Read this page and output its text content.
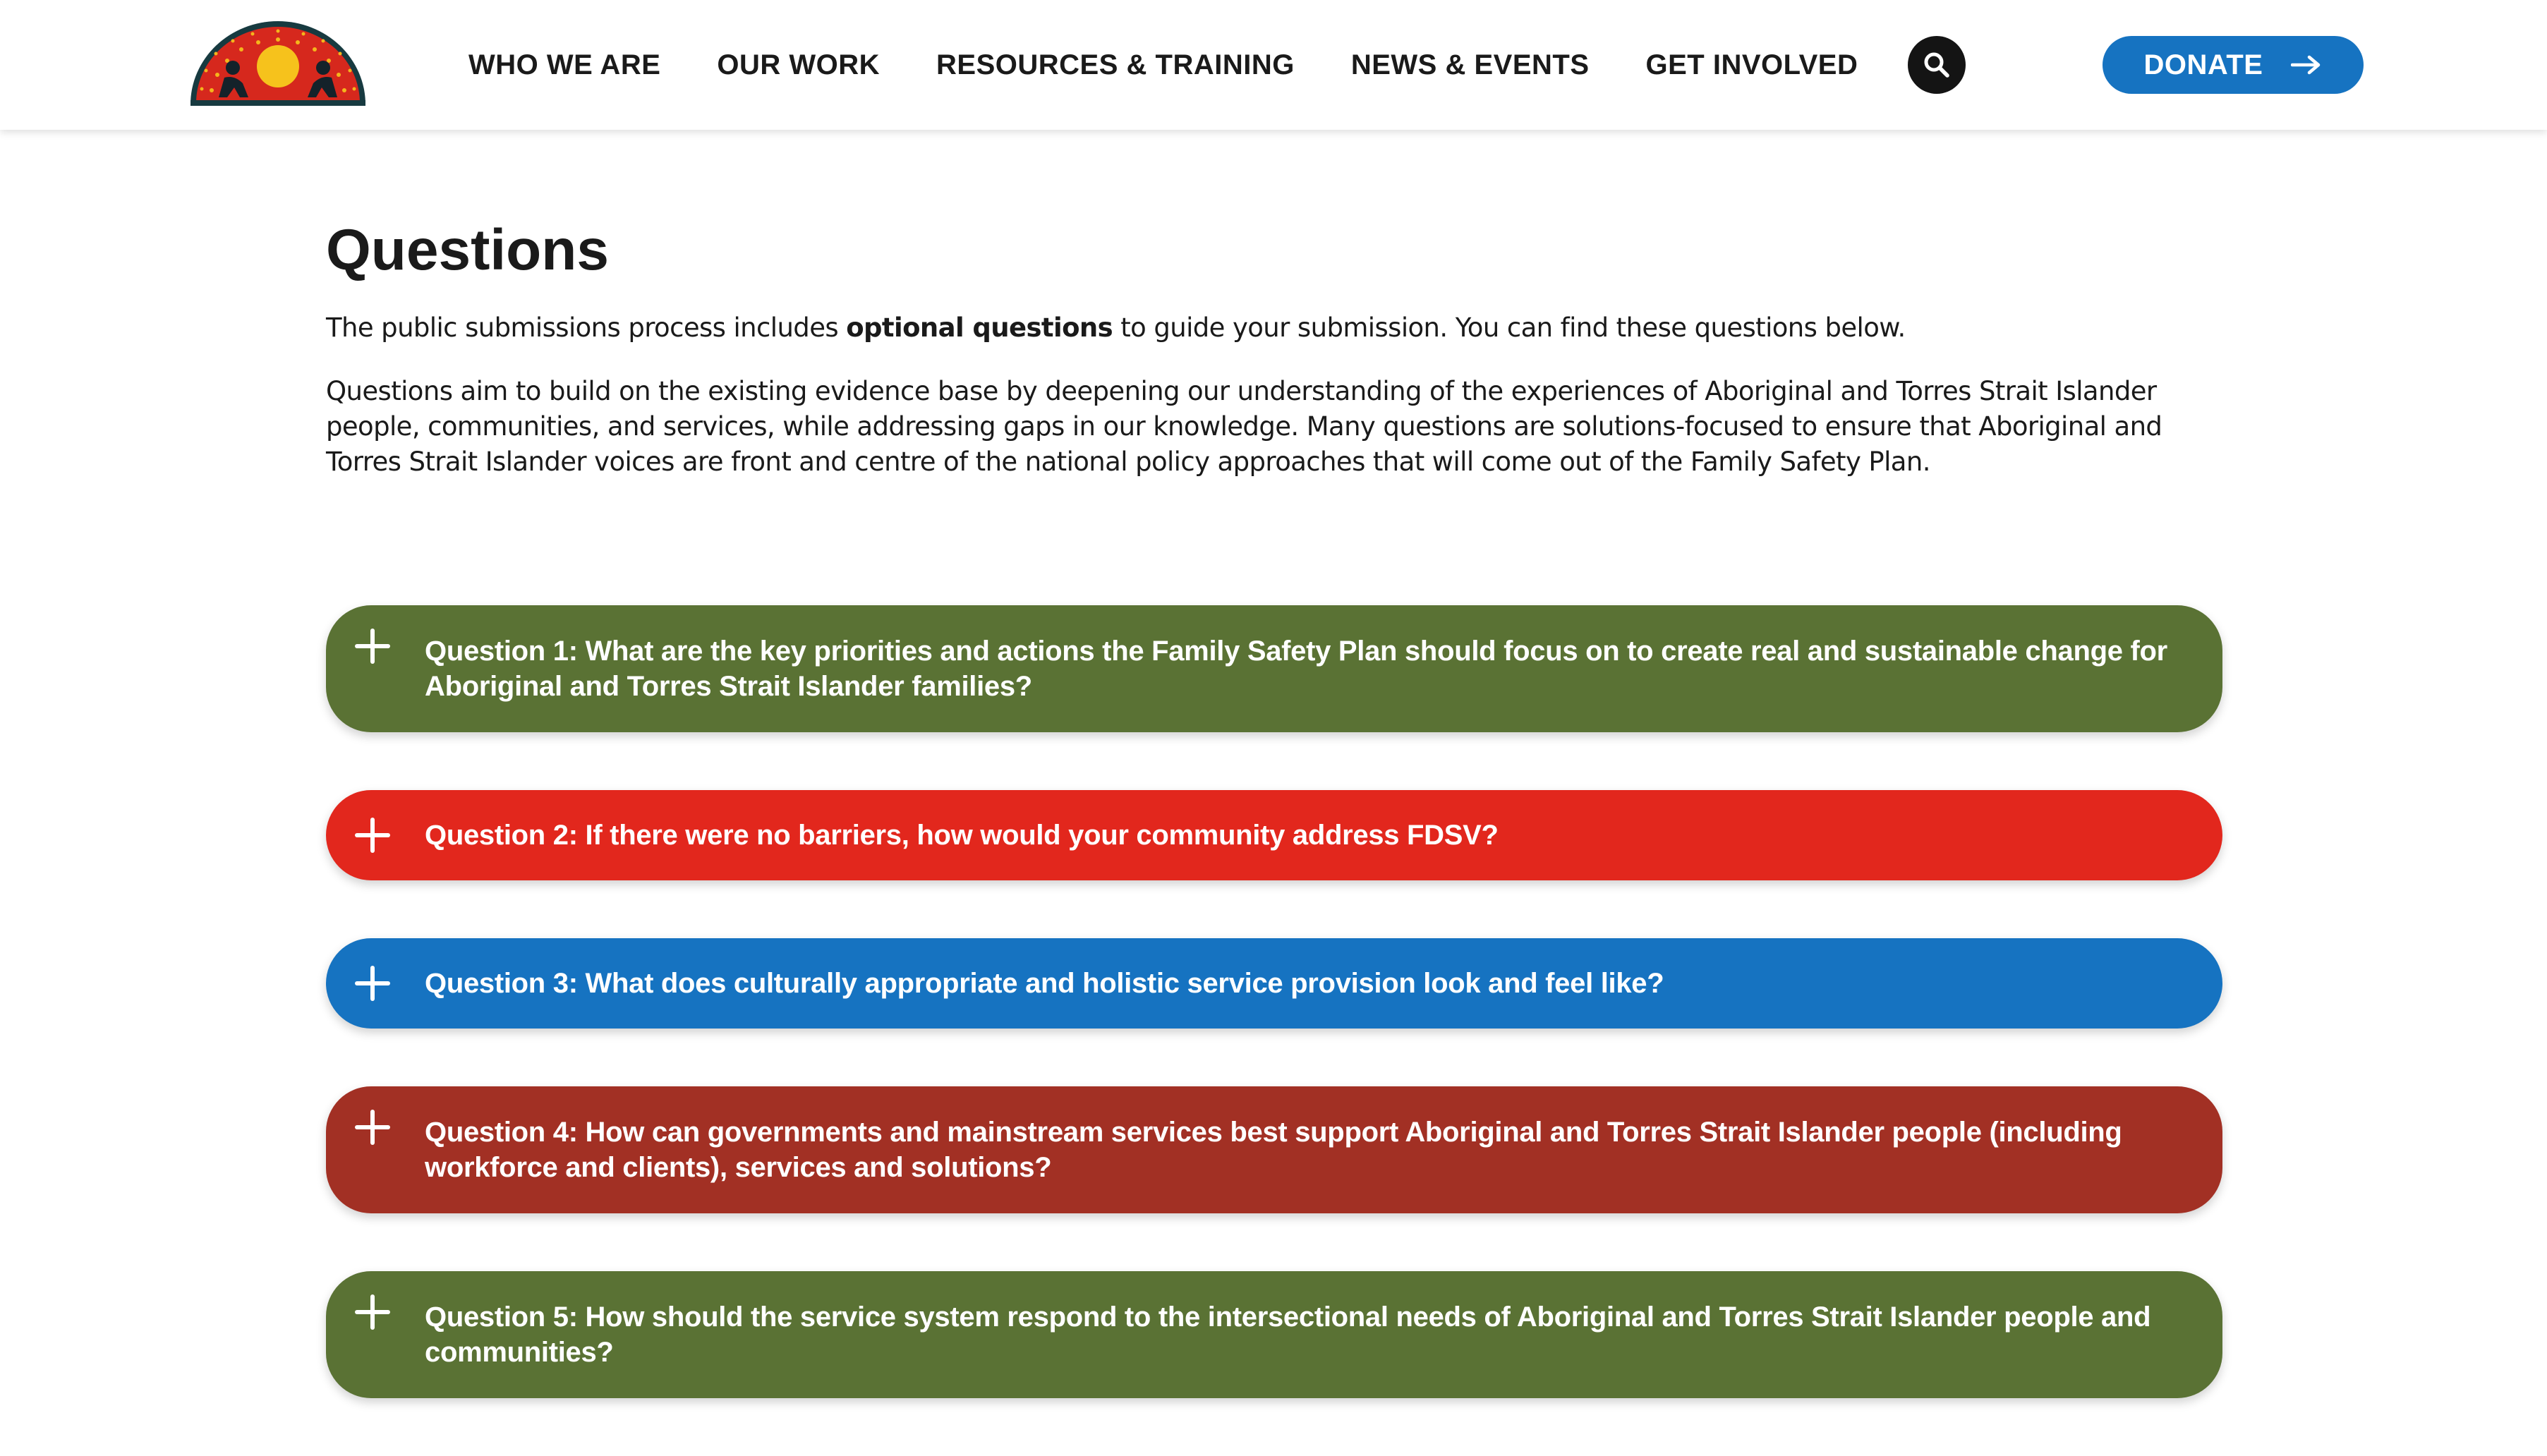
WHO WE ARE OUR WORK RESOURCES & TRAINING NEWS & EVENTS GET INVOLVED	DONATE
Questions

The public submissions process includes optional questions to guide your submission. You can find these questions below.

Questions aim to build on the existing evidence base by deepening our understanding of the experiences of Aboriginal and Torres Strait Islander people, communities, and services, while addressing gaps in our knowledge. Many questions are solutions-focused to ensure that Aboriginal and Torres Strait Islander voices are front and centre of the national policy approaches that will come out of the Family Safety Plan.

Question 1: What are the key priorities and actions the Family Safety Plan should focus on to create real and sustainable change for Aboriginal and Torres Strait Islander families?
Question 2: If there were no barriers, how would your community address FDSV?
Question 3: What does culturally appropriate and holistic service provision look and feel like?
Question 4: How can governments and mainstream services best support Aboriginal and Torres Strait Islander people (including workforce and clients), services and solutions?
Question 5: How should the service system respond to the intersectional needs of Aboriginal and Torres Strait Islander people and communities?
